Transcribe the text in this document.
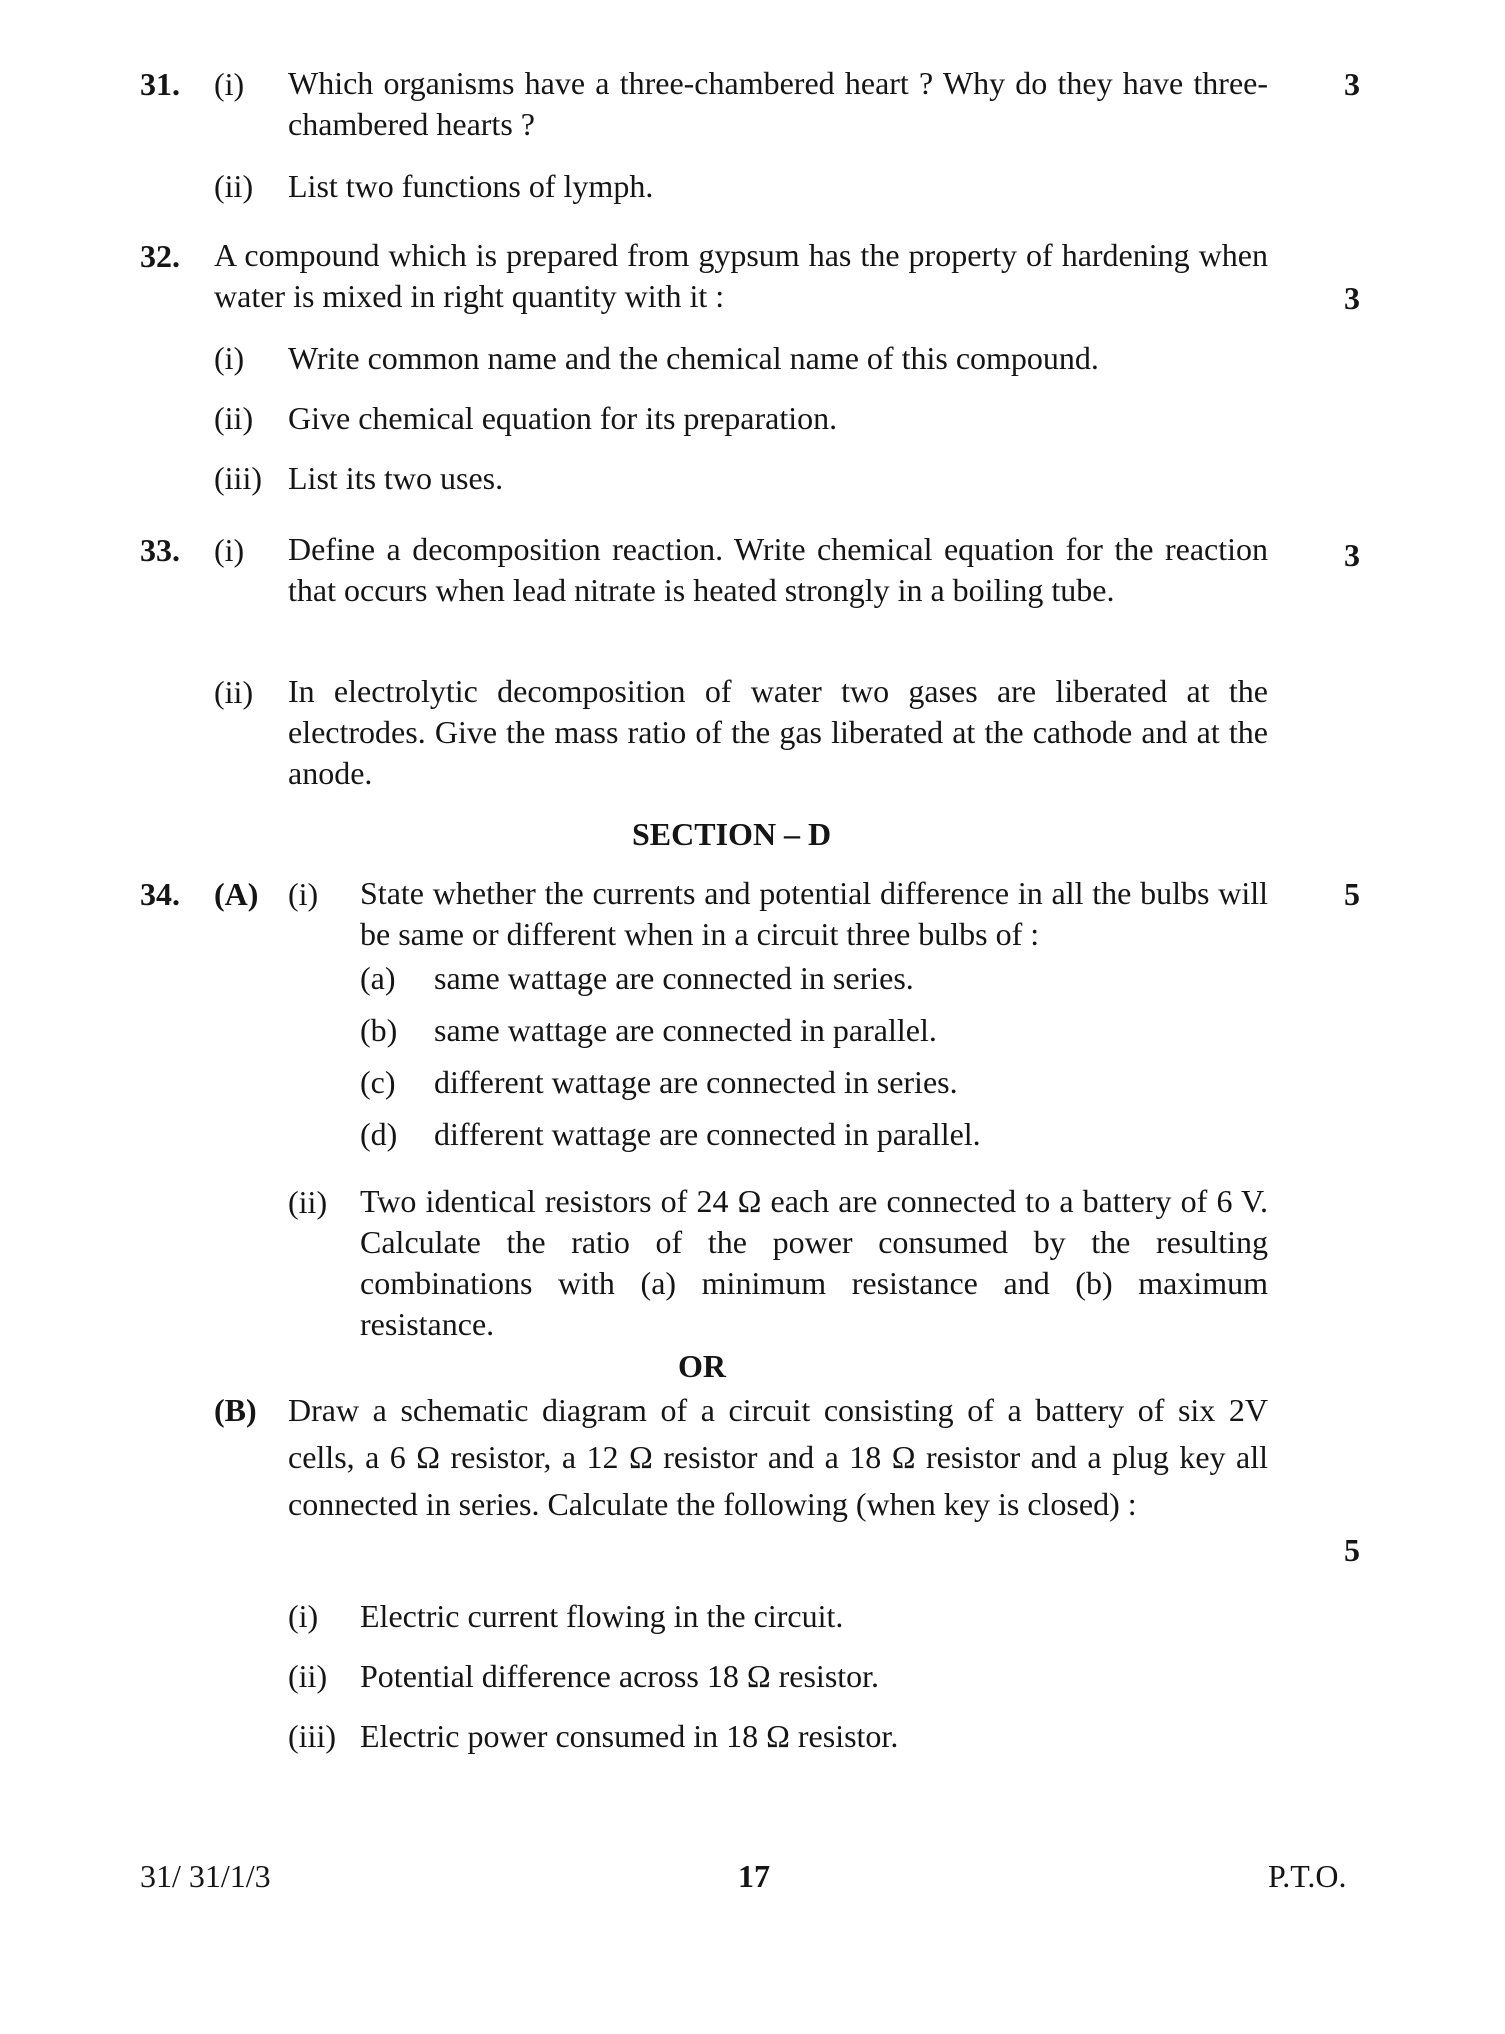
31. (i) Which organisms have a three-chambered heart ? Why do they have three-chambered hearts ?
3
(ii) List two functions of lymph.
32. A compound which is prepared from gypsum has the property of hardening when water is mixed in right quantity with it :	3
(i) Write common name and the chemical name of this compound.
(ii) Give chemical equation for its preparation.
(iii) List its two uses.
33. (i) Define a decomposition reaction. Write chemical equation for the reaction that occurs when lead nitrate is heated strongly in a boiling tube.
3
(ii) In electrolytic decomposition of water two gases are liberated at the electrodes. Give the mass ratio of the gas liberated at the cathode and at the anode.
SECTION – D
34. (A) (i) State whether the currents and potential difference in all the bulbs will be same or different when in a circuit three bulbs of :
5
(a) same wattage are connected in series.
(b) same wattage are connected in parallel.
(c) different wattage are connected in series.
(d) different wattage are connected in parallel.
(ii) Two identical resistors of 24 Ω each are connected to a battery of 6 V. Calculate the ratio of the power consumed by the resulting combinations with (a) minimum resistance and (b) maximum resistance.
OR
(B) Draw a schematic diagram of a circuit consisting of a battery of six 2V cells, a 6 Ω resistor, a 12 Ω resistor and a 18 Ω resistor and a plug key all connected in series. Calculate the following (when key is closed) :
5
(i) Electric current flowing in the circuit.
(ii) Potential difference across 18 Ω resistor.
(iii) Electric power consumed in 18 Ω resistor.
31/ 31/1/3	17	P.T.O.
